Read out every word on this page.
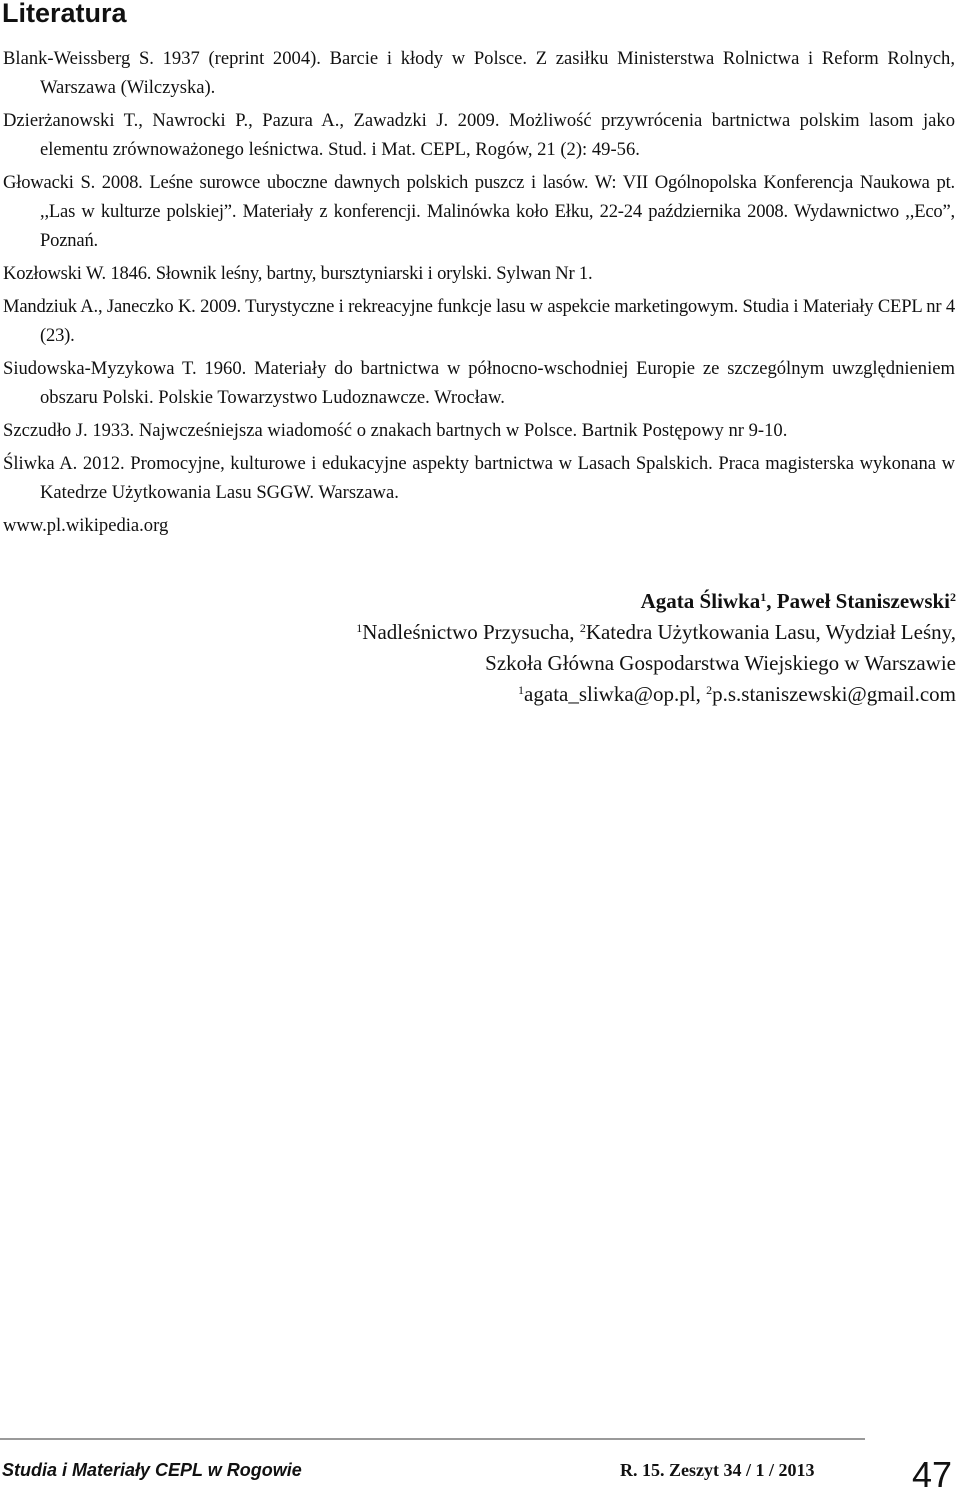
Literatura

Blank-Weissberg S. 1937 (reprint 2004). Barcie i kłody w Polsce. Z zasiłku Ministerstwa Rolnictwa i Reform Rolnych, Warszawa (Wilczyska).

Dzierżanowski T., Nawrocki P., Pazura A., Zawadzki J. 2009. Możliwość przywrócenia bartnictwa polskim lasom jako elementu zrównoważonego leśnictwa. Stud. i Mat. CEPL, Rogów, 21 (2): 49-56.

Głowacki S. 2008. Leśne surowce uboczne dawnych polskich puszcz i lasów. W: VII Ogólnopolska Konferencja Naukowa pt. ,,Las w kulturze polskiej”. Materiały z konferencji. Malinówka koło Ełku, 22-24 października 2008. Wydawnictwo ,,Eco”, Poznań.

Kozłowski W. 1846. Słownik leśny, bartny, bursztyniarski i orylski. Sylwan Nr 1.

Mandziuk A., Janeczko K. 2009. Turystyczne i rekreacyjne funkcje lasu w aspekcie marketingowym. Studia i Materiały CEPL nr 4 (23).

Siudowska-Myzykowa T. 1960. Materiały do bartnictwa w północno-wschodniej Europie ze szczególnym uwzględnieniem obszaru Polski. Polskie Towarzystwo Ludoznawcze. Wrocław.

Szczudło J. 1933. Najwcześniejsza wiadomość o znakach bartnych w Polsce. Bartnik Postępowy nr 9-10.

Śliwka A. 2012. Promocyjne, kulturowe i edukacyjne aspekty bartnictwa w Lasach Spalskich. Praca magisterska wykonana w Katedrze Użytkowania Lasu SGGW. Warszawa.

www.pl.wikipedia.org

Agata Śliwka$^1$, Paweł Staniszewski$^2$
$^1$Nadleśnictwo Przysucha, $^2$Katedra Użytkowania Lasu, Wydział Leśny,
Szkoła Główna Gospodarstwa Wiejskiego w Warszawie
$^1$agata_sliwka@op.pl, $^2$p.s.staniszewski@gmail.com
Studia i Materiały CEPL w Rogowie	R. 15. Zeszyt 34 / 1 / 2013	47
